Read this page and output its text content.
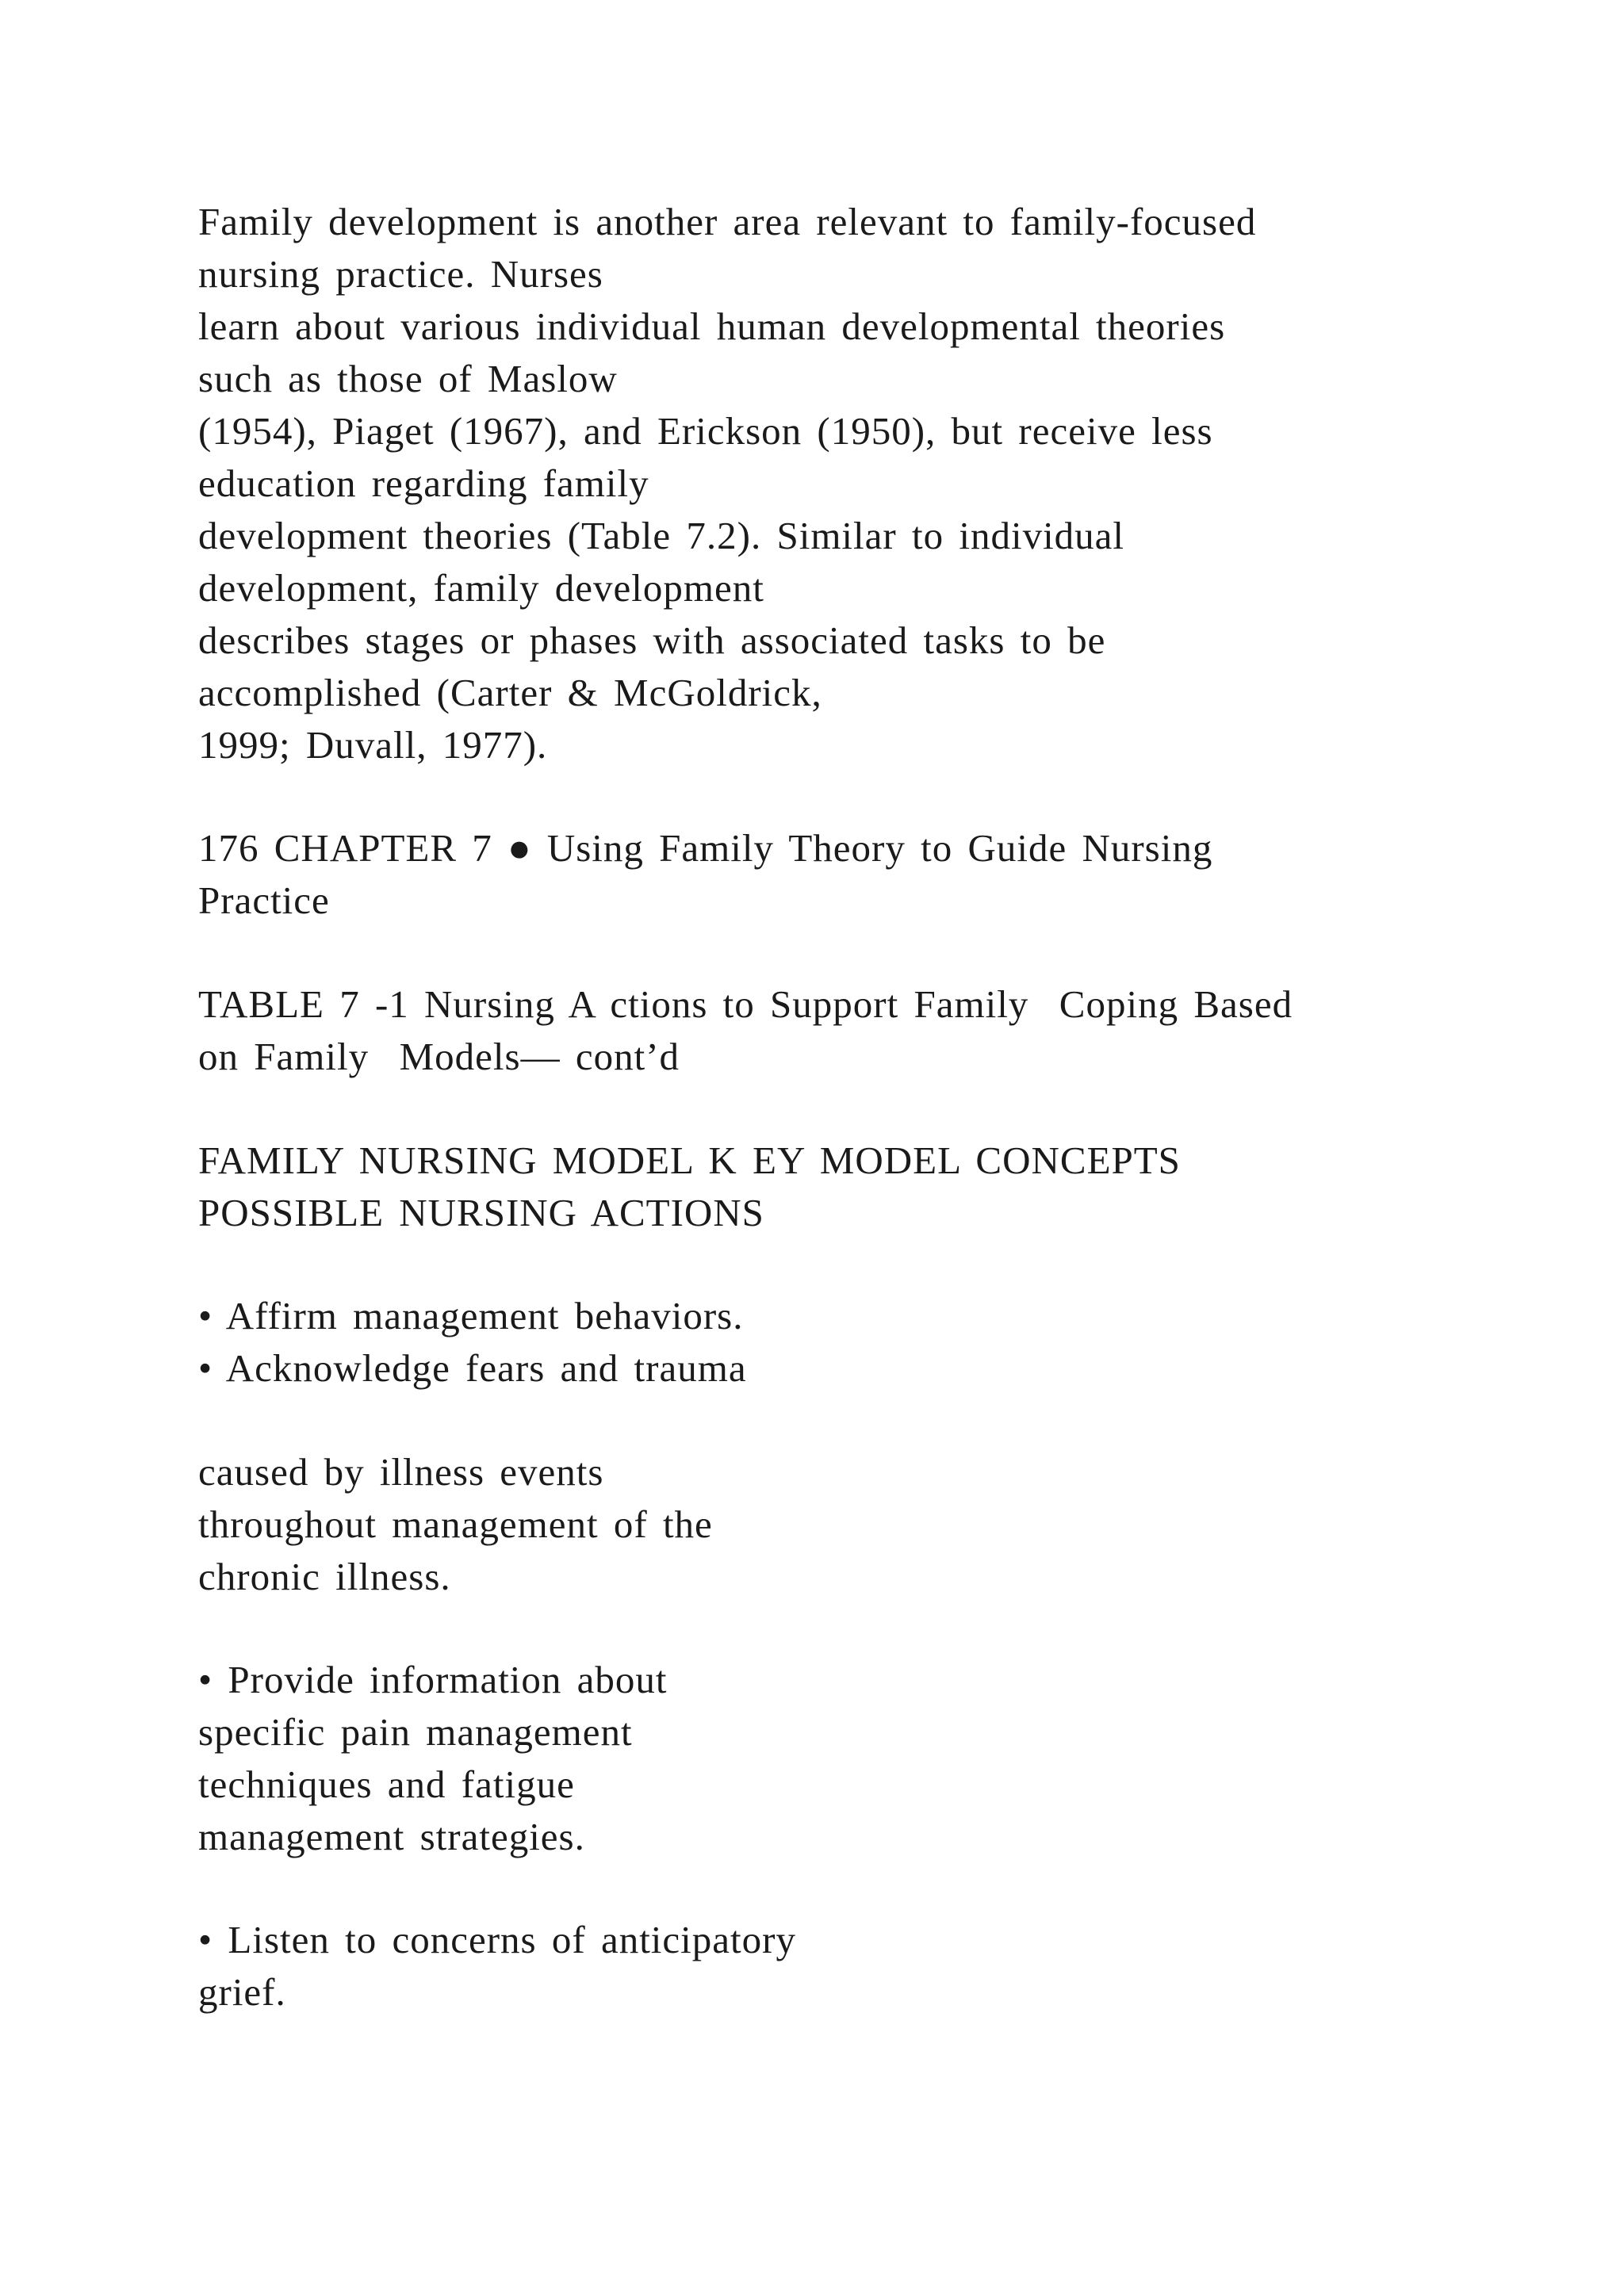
Family development is another area relevant to family-focused
nursing practice. Nurses
learn about various individual human developmental theories
such as those of Maslow
(1954), Piaget (1967), and Erickson (1950), but receive less
education regarding family
development theories (Table 7.2). Similar to individual
development, family development
describes stages or phases with associated tasks to be
accomplished (Carter & McGoldrick,
1999; Duvall, 1977).
176 CHAPTER 7 ● Using Family Theory to Guide Nursing
Practice
TABLE 7 -1 Nursing A ctions to Support Family  Coping Based
on Family  Models— cont’d
FAMILY NURSING MODEL K EY MODEL CONCEPTS
POSSIBLE NURSING ACTIONS
• Affirm management behaviors.
• Acknowledge fears and trauma
caused by illness events
throughout management of the
chronic illness.
• Provide information about
specific pain management
techniques and fatigue
management strategies.
• Listen to concerns of anticipatory
grief.
